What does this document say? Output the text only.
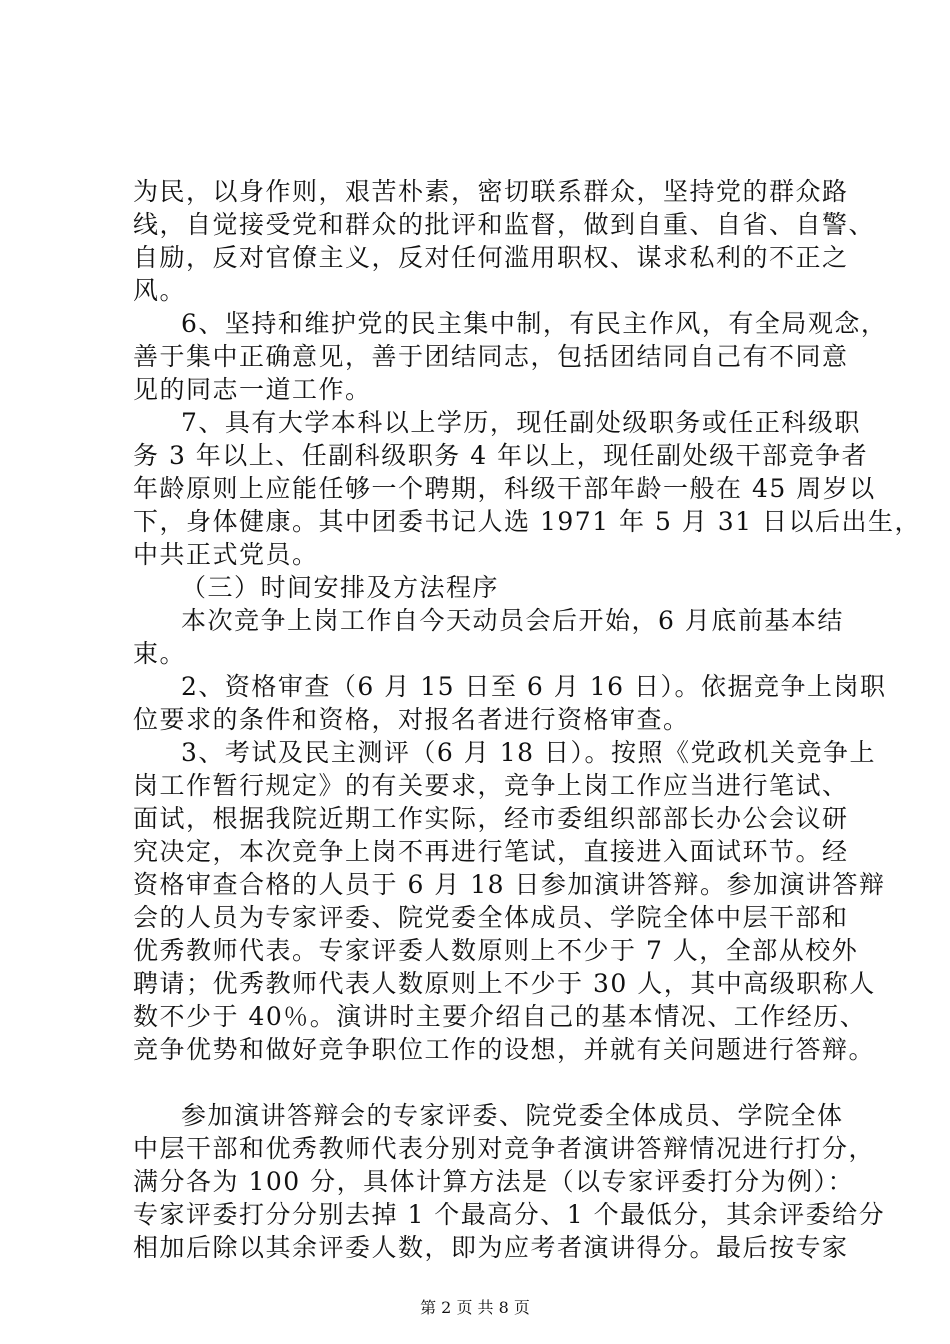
为民，以身作则，艰苦朴素，密切联系群众，坚持党的群众路
线，自觉接受党和群众的批评和监督，做到自重、自省、自警、
自励，反对官僚主义，反对任何滥用职权、谋求私利的不正之
风。
6、坚持和维护党的民主集中制，有民主作风，有全局观念，
善于集中正确意见，善于团结同志，包括团结同自己有不同意
见的同志一道工作。
7、具有大学本科以上学历，现任副处级职务或任正科级职
务 3 年以上、任副科级职务 4 年以上，现任副处级干部竞争者
年龄原则上应能任够一个聘期，科级干部年龄一般在 45 周岁以
下，身体健康。其中团委书记人选 1971 年 5 月 31 日以后出生，
中共正式党员。
（三）时间安排及方法程序
本次竞争上岗工作自今天动员会后开始，6 月底前基本结
束。
2、资格审查（6 月 15 日至 6 月 16 日）。依据竞争上岗职
位要求的条件和资格，对报名者进行资格审查。
3、考试及民主测评（6 月 18 日）。按照《党政机关竞争上
岗工作暂行规定》的有关要求，竞争上岗工作应当进行笔试、
面试，根据我院近期工作实际，经市委组织部部长办公会议研
究决定，本次竞争上岗不再进行笔试，直接进入面试环节。经
资格审查合格的人员于 6 月 18 日参加演讲答辩。参加演讲答辩
会的人员为专家评委、院党委全体成员、学院全体中层干部和
优秀教师代表。专家评委人数原则上不少于 7 人，全部从校外
聘请；优秀教师代表人数原则上不少于 30 人，其中高级职称人
数不少于 40％。演讲时主要介绍自己的基本情况、工作经历、
竞争优势和做好竞争职位工作的设想，并就有关问题进行答辩。
参加演讲答辩会的专家评委、院党委全体成员、学院全体
中层干部和优秀教师代表分别对竞争者演讲答辩情况进行打分，
满分各为 100 分，具体计算方法是（以专家评委打分为例）：
专家评委打分分别去掉 1 个最高分、1 个最低分，其余评委给分
相加后除以其余评委人数，即为应考者演讲得分。最后按专家
第 2 页 共 8 页
